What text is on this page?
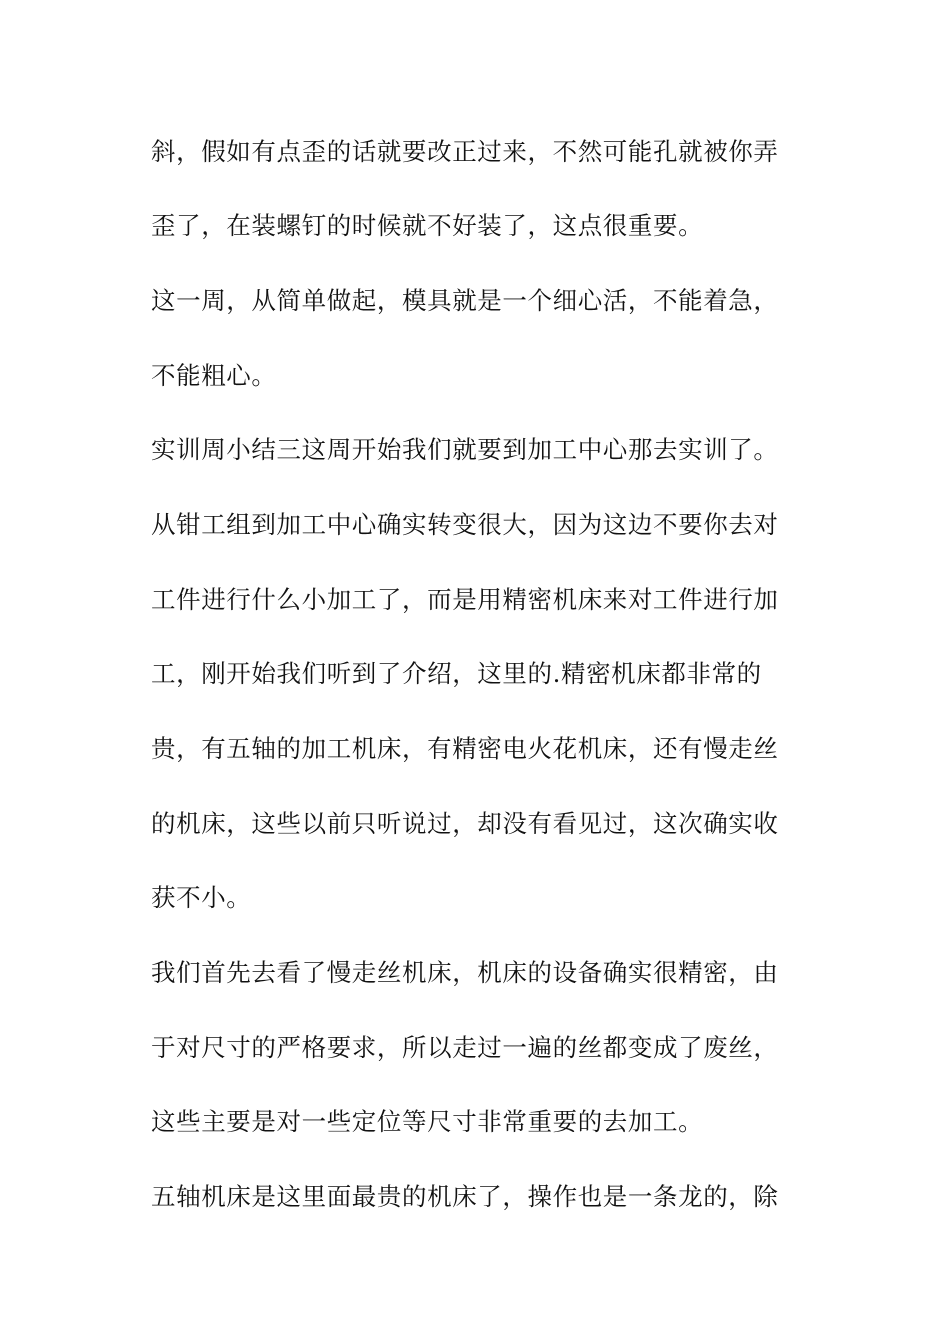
斜，假如有点歪的话就要改正过来，不然可能孔就被你弄
歪了，在装螺钉的时候就不好装了，这点很重要。
这一周，从简单做起，模具就是一个细心活，不能着急，
不能粗心。
实训周小结三这周开始我们就要到加工中心那去实训了。
从钳工组到加工中心确实转变很大，因为这边不要你去对
工件进行什么小加工了，而是用精密机床来对工件进行加
工，刚开始我们听到了介绍，这里的.精密机床都非常的
贵，有五轴的加工机床，有精密电火花机床，还有慢走丝
的机床，这些以前只听说过，却没有看见过，这次确实收
获不小。
我们首先去看了慢走丝机床，机床的设备确实很精密，由
于对尺寸的严格要求，所以走过一遍的丝都变成了废丝，
这些主要是对一些定位等尺寸非常重要的去加工。
五轴机床是这里面最贵的机床了，操作也是一条龙的，除
